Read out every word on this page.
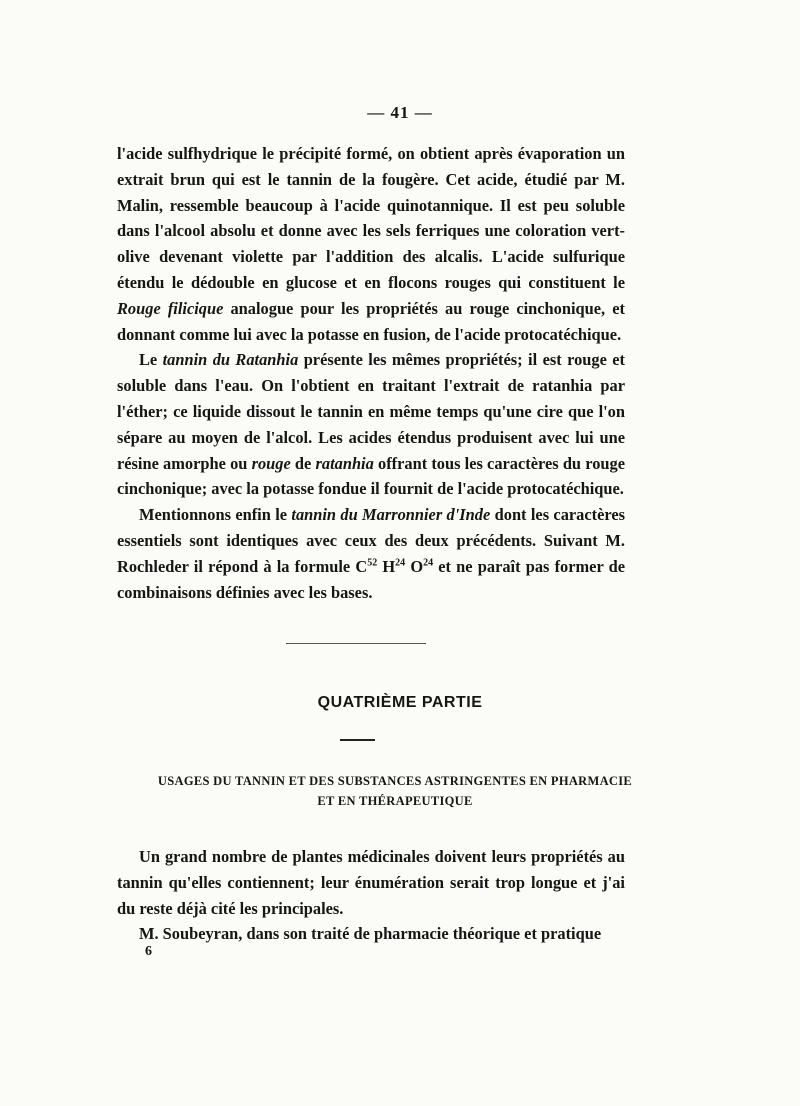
— 41 —

l'acide sulfhydrique le précipité formé, on obtient après évaporation un extrait brun qui est le tannin de la fougère. Cet acide, étudié par M. Malin, ressemble beaucoup à l'acide quinotannique. Il est peu soluble dans l'alcool absolu et donne avec les sels ferriques une coloration vert-olive devenant violette par l'addition des alcalis. L'acide sulfurique étendu le dédouble en glucose et en flocons rouges qui constituent le Rouge filicique analogue pour les propriétés au rouge cinchonique, et donnant comme lui avec la potasse en fusion, de l'acide protocatéchique.

Le tannin du Ratanhia présente les mêmes propriétés; il est rouge et soluble dans l'eau. On l'obtient en traitant l'extrait de ratanhia par l'éther; ce liquide dissout le tannin en même temps qu'une cire que l'on sépare au moyen de l'alcol. Les acides étendus produisent avec lui une résine amorphe ou rouge de ratanhia offrant tous les caractères du rouge cinchonique; avec la potasse fondue il fournit de l'acide protocatéchique.

Mentionnons enfin le tannin du Marronnier d'Inde dont les caractères essentiels sont identiques avec ceux des deux précédents. Suivant M. Rochleder il répond à la formule $C^{52}$ $H^{24}$ $O^{24}$ et ne paraît pas former de combinaisons définies avec les bases.

QUATRIÈME PARTIE
USAGES DU TANNIN ET DES SUBSTANCES ASTRINGENTES EN PHARMACIE
ET EN THÉRAPEUTIQUE

Un grand nombre de plantes médicinales doivent leurs propriétés au tannin qu'elles contiennent; leur énumération serait trop longue et j'ai du reste déjà cité les principales.

M. Soubeyran, dans son traité de pharmacie théorique et pratique

6
